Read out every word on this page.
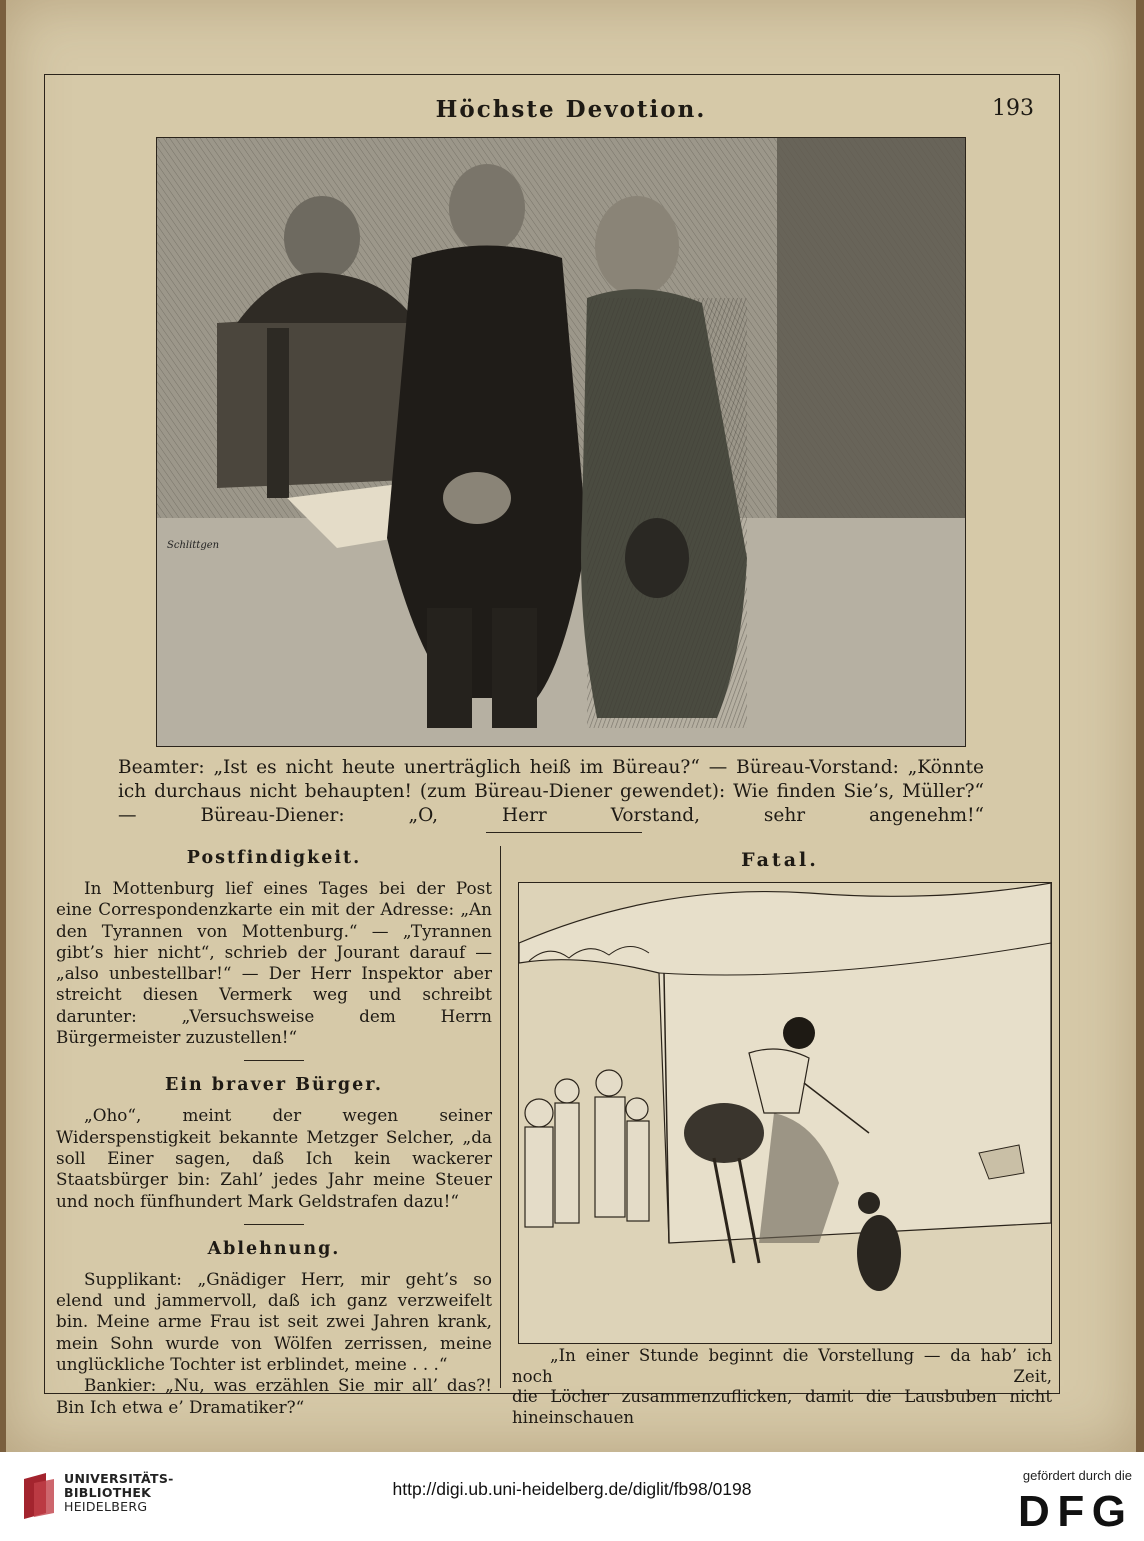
Höchste Devotion.	193
Schlittgen
Beamter: „Ist es nicht heute unerträglich heiß im Büreau?“ — Büreau-Vorstand: „Könnte ich durchaus nicht behaupten! (zum Büreau-Diener gewendet): Wie finden Sie’s, Müller?“ — Büreau-Diener: „O, Herr Vorstand, sehr angenehm!“
Postfindigkeit.

In Mottenburg lief eines Tages bei der Post eine Correspondenzkarte ein mit der Adresse: „An den Tyrannen von Mottenburg.“ — „Tyrannen gibt’s hier nicht“, schrieb der Jourant darauf — „also unbestellbar!“ — Der Herr Inspektor aber streicht diesen Vermerk weg und schreibt darunter: „Versuchsweise dem Herrn Bürgermeister zuzustellen!“

Ein braver Bürger.

„Oho“, meint der wegen seiner Widerspenstigkeit bekannte Metzger Selcher, „da soll Einer sagen, daß Ich kein wackerer Staatsbürger bin: Zahl’ jedes Jahr meine Steuer und noch fünfhundert Mark Geldstrafen dazu!“

Ablehnung.

Supplikant: „Gnädiger Herr, mir geht’s so elend und jammervoll, daß ich ganz verzweifelt bin. Meine arme Frau ist seit zwei Jahren krank, mein Sohn wurde von Wölfen zerrissen, meine unglückliche Tochter ist erblindet, meine . . .“

Bankier: „Nu, was erzählen Sie mir all’ das?! Bin Ich etwa e’ Dramatiker?“

Fatal.
„In einer Stunde beginnt die Vorstellung — da hab’ ich noch Zeit,
die Löcher zusammenzuflicken, damit die Lausbuben nicht hineinschauen
UNIVERSITÄTS-
BIBLIOTHEK
HEIDELBERG
http://digi.ub.uni-heidelberg.de/diglit/fb98/0198
gefördert durch die
DFG
